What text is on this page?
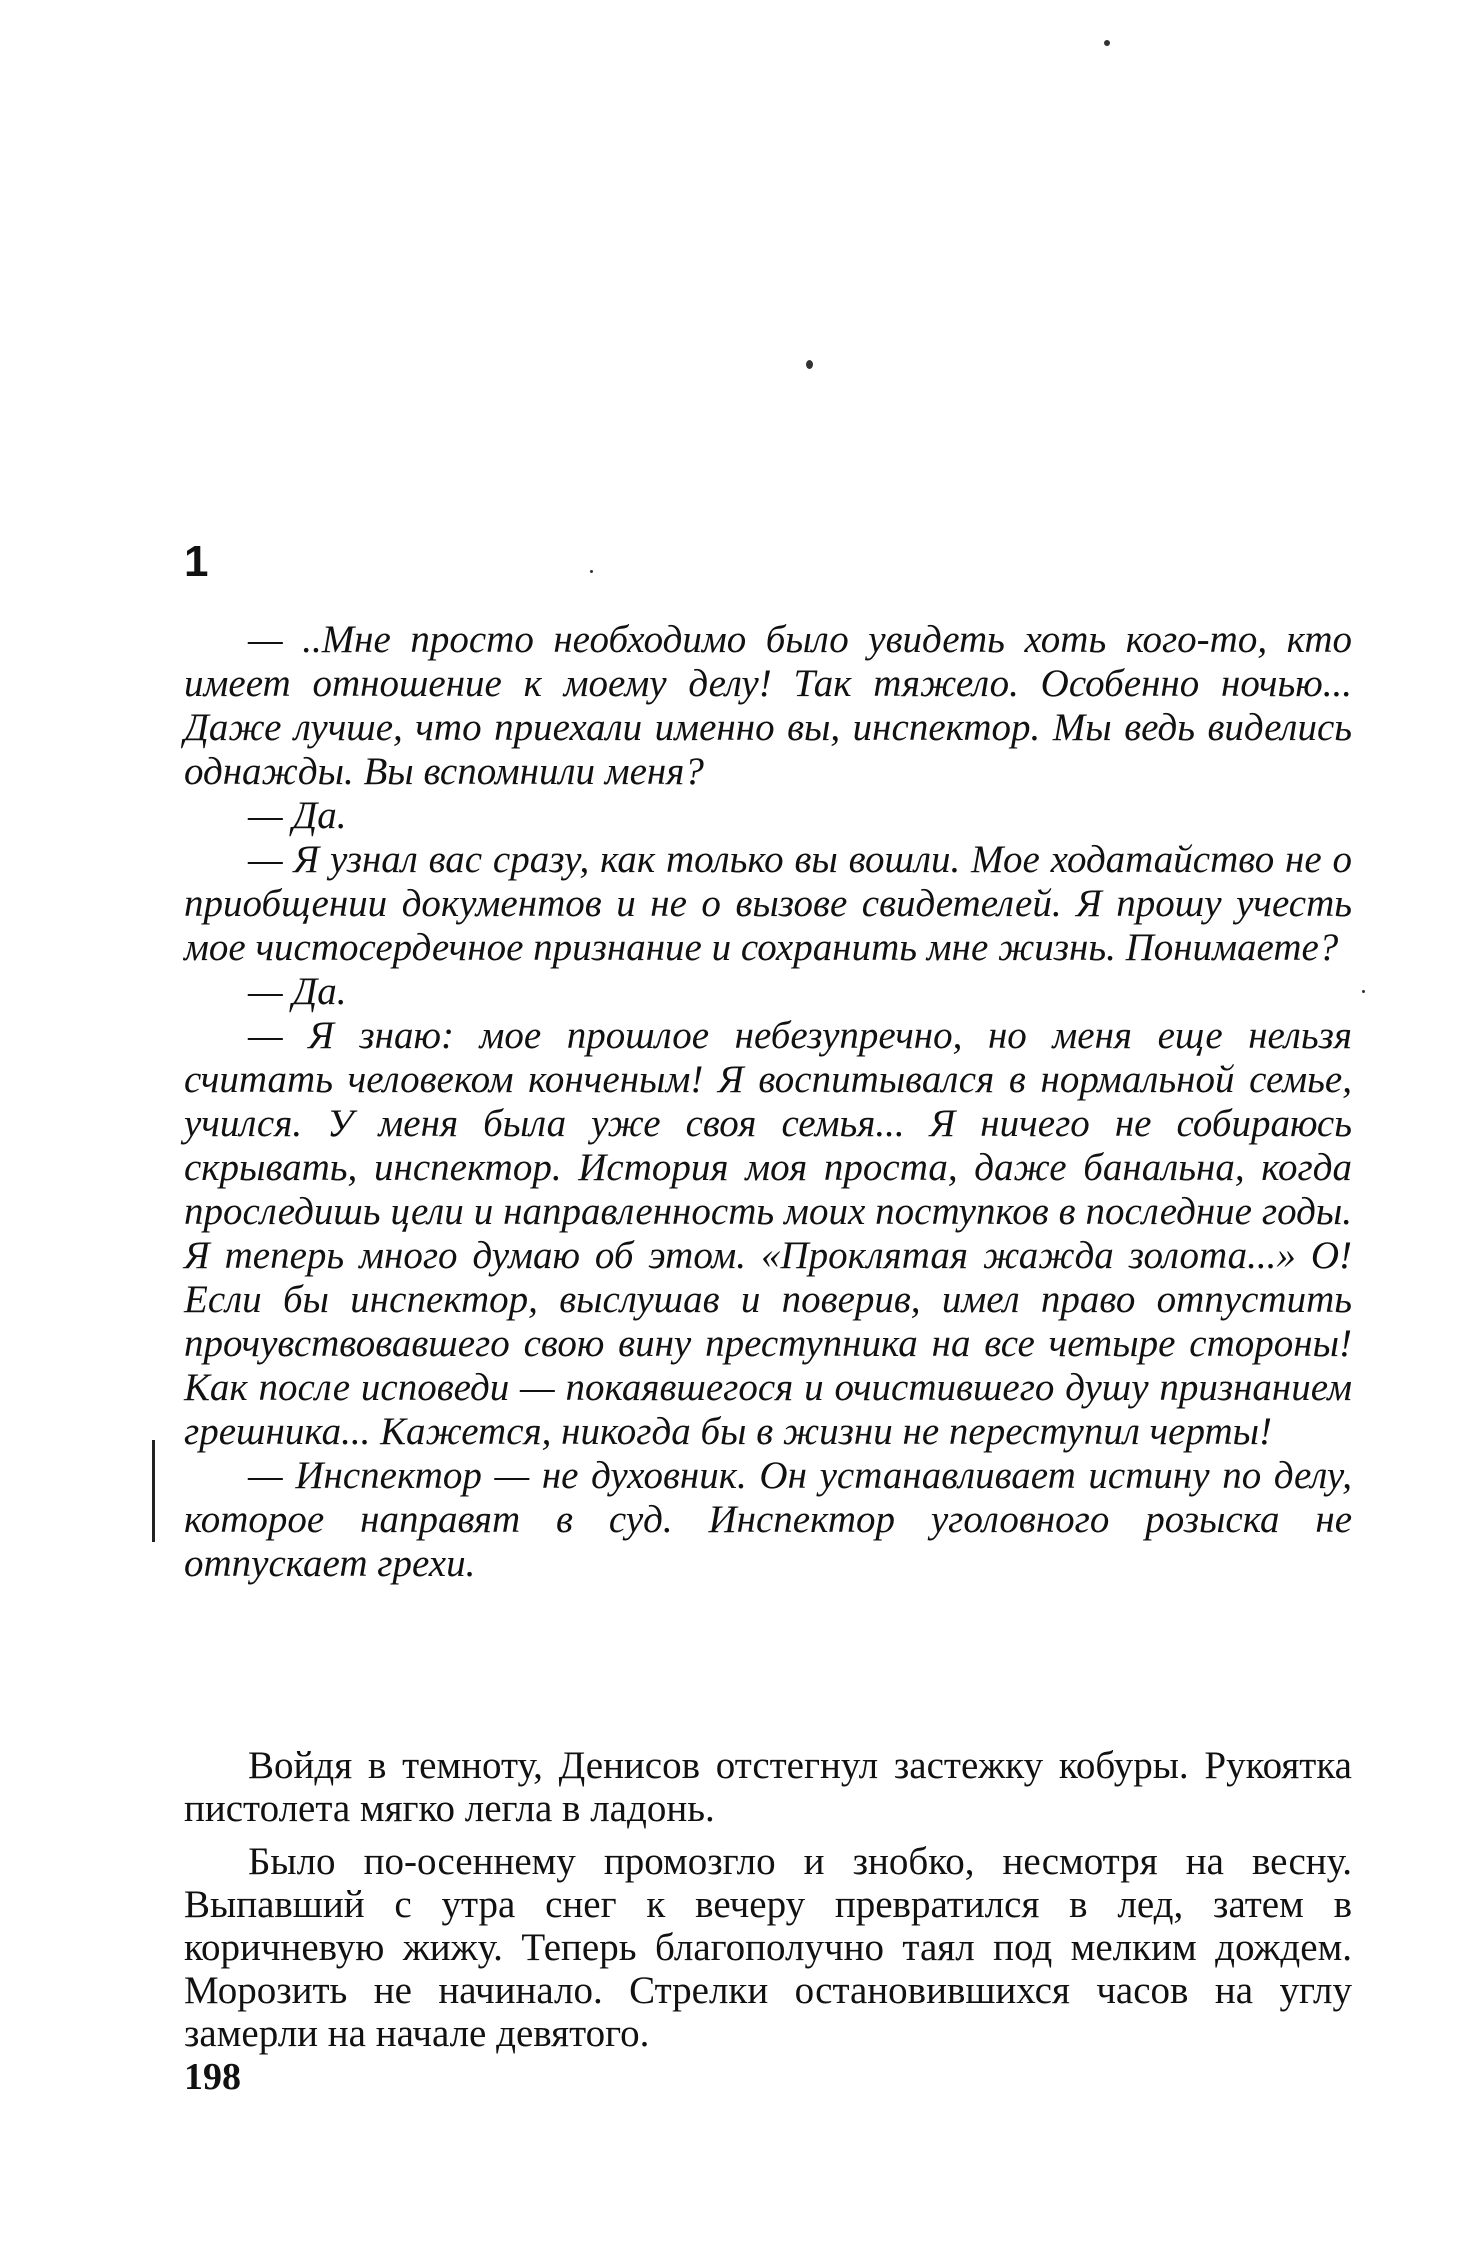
1

— ..Мне просто необходимо было увидеть хоть кого-то, кто имеет отношение к моему делу! Так тяжело. Особенно ночью... Даже лучше, что приехали именно вы, инспектор. Мы ведь виделись однажды. Вы вспомнили меня?

— Да.

— Я узнал вас сразу, как только вы вошли. Мое ходатайство не о приобщении документов и не о вызове свидетелей. Я прошу учесть мое чистосердечное признание и сохранить мне жизнь. Понимаете?

— Да.

— Я знаю: мое прошлое небезупречно, но меня еще нельзя считать человеком конченым! Я воспитывался в нормальной семье, учился. У меня была уже своя семья... Я ничего не собираюсь скрывать, инспектор. История моя проста, даже банальна, когда проследишь цели и направленность моих поступков в последние годы. Я теперь много думаю об этом. «Проклятая жажда золота...» О! Если бы инспектор, выслушав и поверив, имел право отпустить прочувствовавшего свою вину преступника на все четыре стороны! Как после исповеди — покаявшегося и очистившего душу признанием грешника... Кажется, никогда бы в жизни не переступил черты!

— Инспектор — не духовник. Он устанавливает истину по делу, которое направят в суд. Инспектор уголовного розыска не отпускает грехи.

Войдя в темноту, Денисов отстегнул застежку кобуры. Рукоятка пистолета мягко легла в ладонь.

Было по-осеннему промозгло и знобко, несмотря на весну. Выпавший с утра снег к вечеру превратился в лед, затем в коричневую жижу. Теперь благополучно таял под мелким дождем. Морозить не начинало. Стрелки остановившихся часов на углу замерли на начале девятого.

198
